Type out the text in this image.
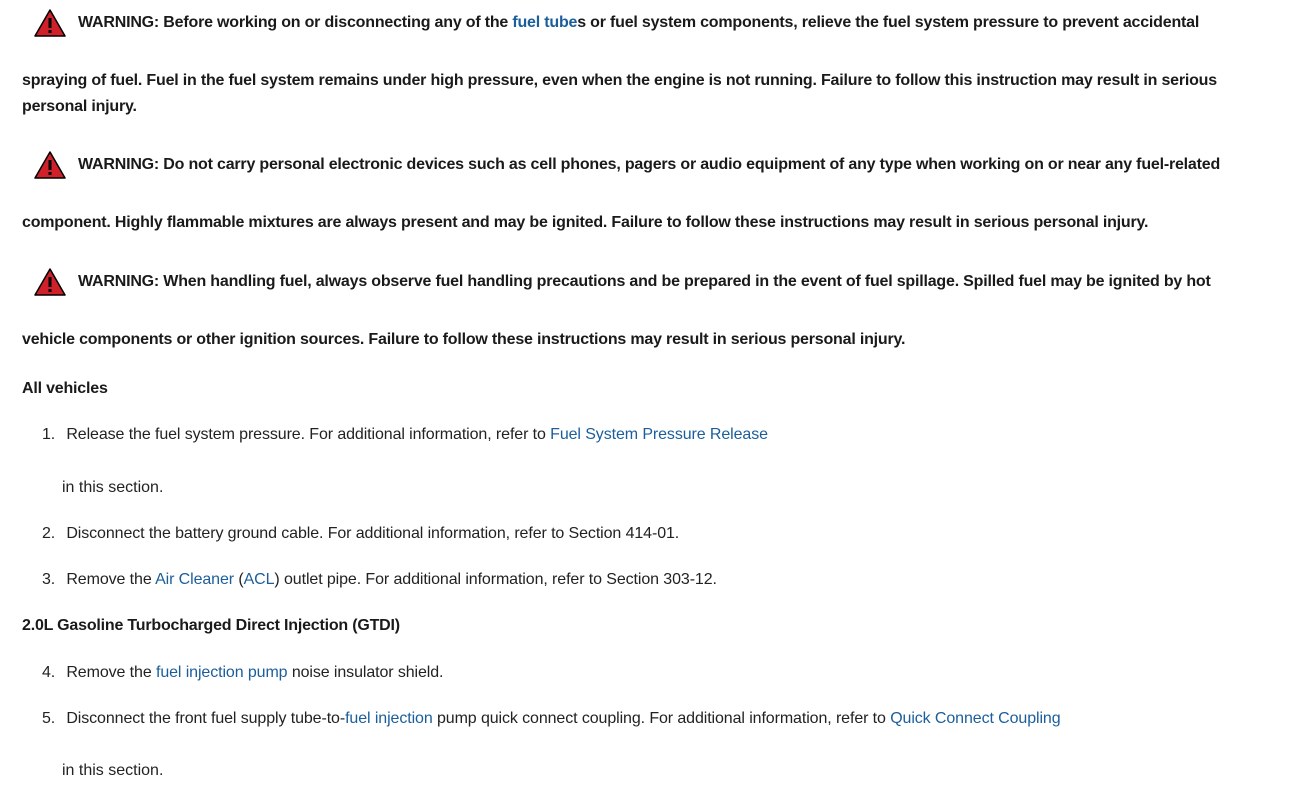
WARNING: Before working on or disconnecting any of the fuel tubes or fuel system components, relieve the fuel system pressure to prevent accidental
spraying of fuel. Fuel in the fuel system remains under high pressure, even when the engine is not running. Failure to follow this instruction may result in serious personal injury.
WARNING: Do not carry personal electronic devices such as cell phones, pagers or audio equipment of any type when working on or near any fuel-related
component. Highly flammable mixtures are always present and may be ignited. Failure to follow these instructions may result in serious personal injury.
WARNING: When handling fuel, always observe fuel handling precautions and be prepared in the event of fuel spillage. Spilled fuel may be ignited by hot
vehicle components or other ignition sources. Failure to follow these instructions may result in serious personal injury.
All vehicles
1. Release the fuel system pressure. For additional information, refer to Fuel System Pressure Release
in this section.
2. Disconnect the battery ground cable. For additional information, refer to Section 414-01.
3. Remove the Air Cleaner (ACL) outlet pipe. For additional information, refer to Section 303-12.
2.0L Gasoline Turbocharged Direct Injection (GTDI)
4. Remove the fuel injection pump noise insulator shield.
5. Disconnect the front fuel supply tube-to-fuel injection pump quick connect coupling. For additional information, refer to Quick Connect Coupling
in this section.
